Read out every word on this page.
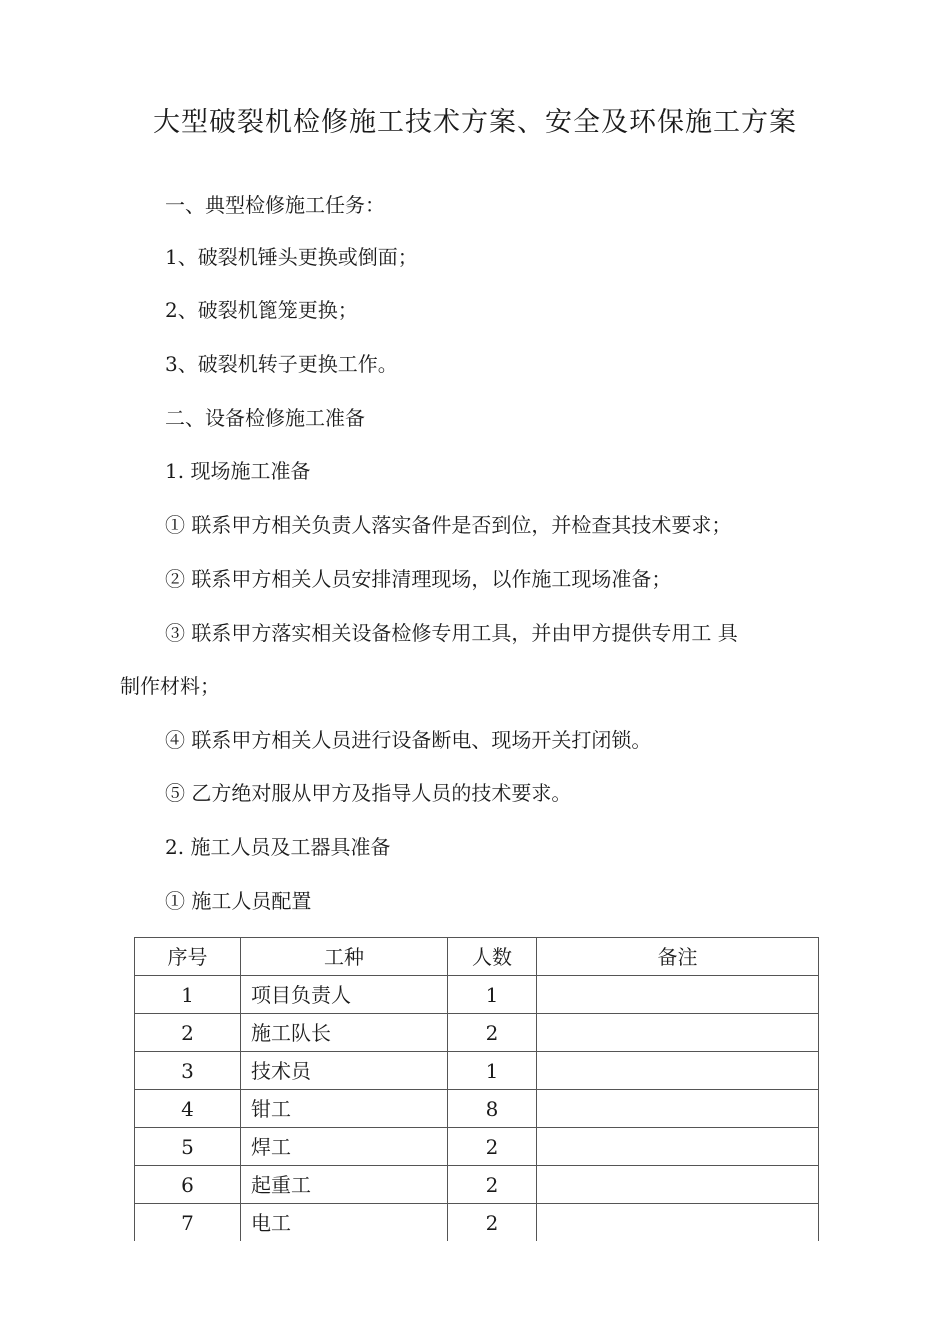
大型破裂机检修施工技术方案、安全及环保施工方案

一、典型检修施工任务：

1、破裂机锤头更换或倒面；

2、破裂机篦笼更换；

3、破裂机转子更换工作。

二、设备检修施工准备

1. 现场施工准备

① 联系甲方相关负责人落实备件是否到位，并检查其技术要求；

② 联系甲方相关人员安排清理现场，以作施工现场准备；

③ 联系甲方落实相关设备检修专用工具，并由甲方提供专用工 具

制作材料；

④ 联系甲方相关人员进行设备断电、现场开关打闭锁。

⑤ 乙方绝对服从甲方及指导人员的技术要求。

2. 施工人员及工器具准备

① 施工人员配置

序号	工种	人数	备注
1	项目负责人	1	
2	施工队长	2	
3	技术员	1	
4	钳工	8	
5	焊工	2	
6	起重工	2	
7	电工	2	
